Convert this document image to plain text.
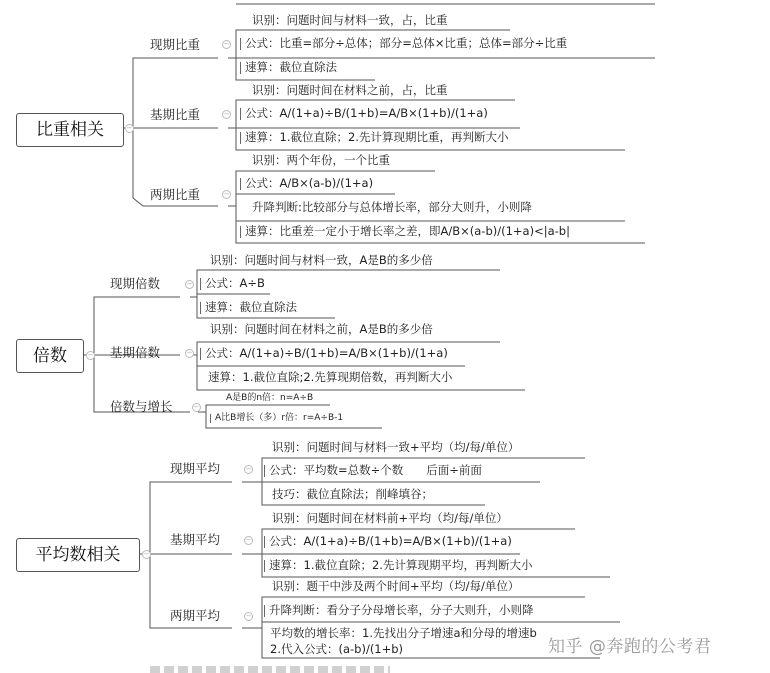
比重相关	−
现期比重	−
识别：问题时间与材料一致，占，比重
公式：比重=部分÷总体；部分=总体×比重；总体=部分÷比重
速算：截位直除法
基期比重	−
识别：问题时间在材料之前，占，比重
公式：A/(1+a)÷B/(1+b)=A/B×(1+b)/(1+a)
速算：1.截位直除；2.先计算现期比重，再判断大小
两期比重	−
识别：两个年份，一个比重
公式：A/B×(a-b)/(1+a)
升降判断:比较部分与总体增长率，部分大则升，小则降
速算：比重差一定小于增长率之差，即A/B×(a-b)/(1+a)<|a-b|
倍数	−
现期倍数	−
识别：问题时间与材料一致，A是B的多少倍
公式：A÷B
速算：截位直除法
基期倍数	−
识别：问题时间在材料之前，A是B的多少倍
公式：A/(1+a)÷B/(1+b)=A/B×(1+b)/(1+a)
速算：1.截位直除;2.先算现期倍数，再判断大小
倍数与增长	−
A是B的n倍：n=A÷B
A比B增长（多）r倍：r=A÷B-1
平均数相关	−
现期平均	−
识别：问题时间与材料一致+平均（均/每/单位）
公式：平均数=总数÷个数　　后面÷前面
技巧：截位直除法；削峰填谷；
基期平均	−
识别：问题时间在材料前+平均（均/每/单位）
公式：A/(1+a)÷B/(1+b)=A/B×(1+b)/(1+a)
速算：1.截位直除；2.先计算现期平均，再判断大小
两期平均	−
识别：题干中涉及两个时间+平均（均/每/单位）
升降判断：看分子分母增长率，分子大则升，小则降
平均数的增长率：1.先找出分子增速a和分母的增速b
2.代入公式：(a-b)/(1+b)	知乎 @奔跑的公考君
